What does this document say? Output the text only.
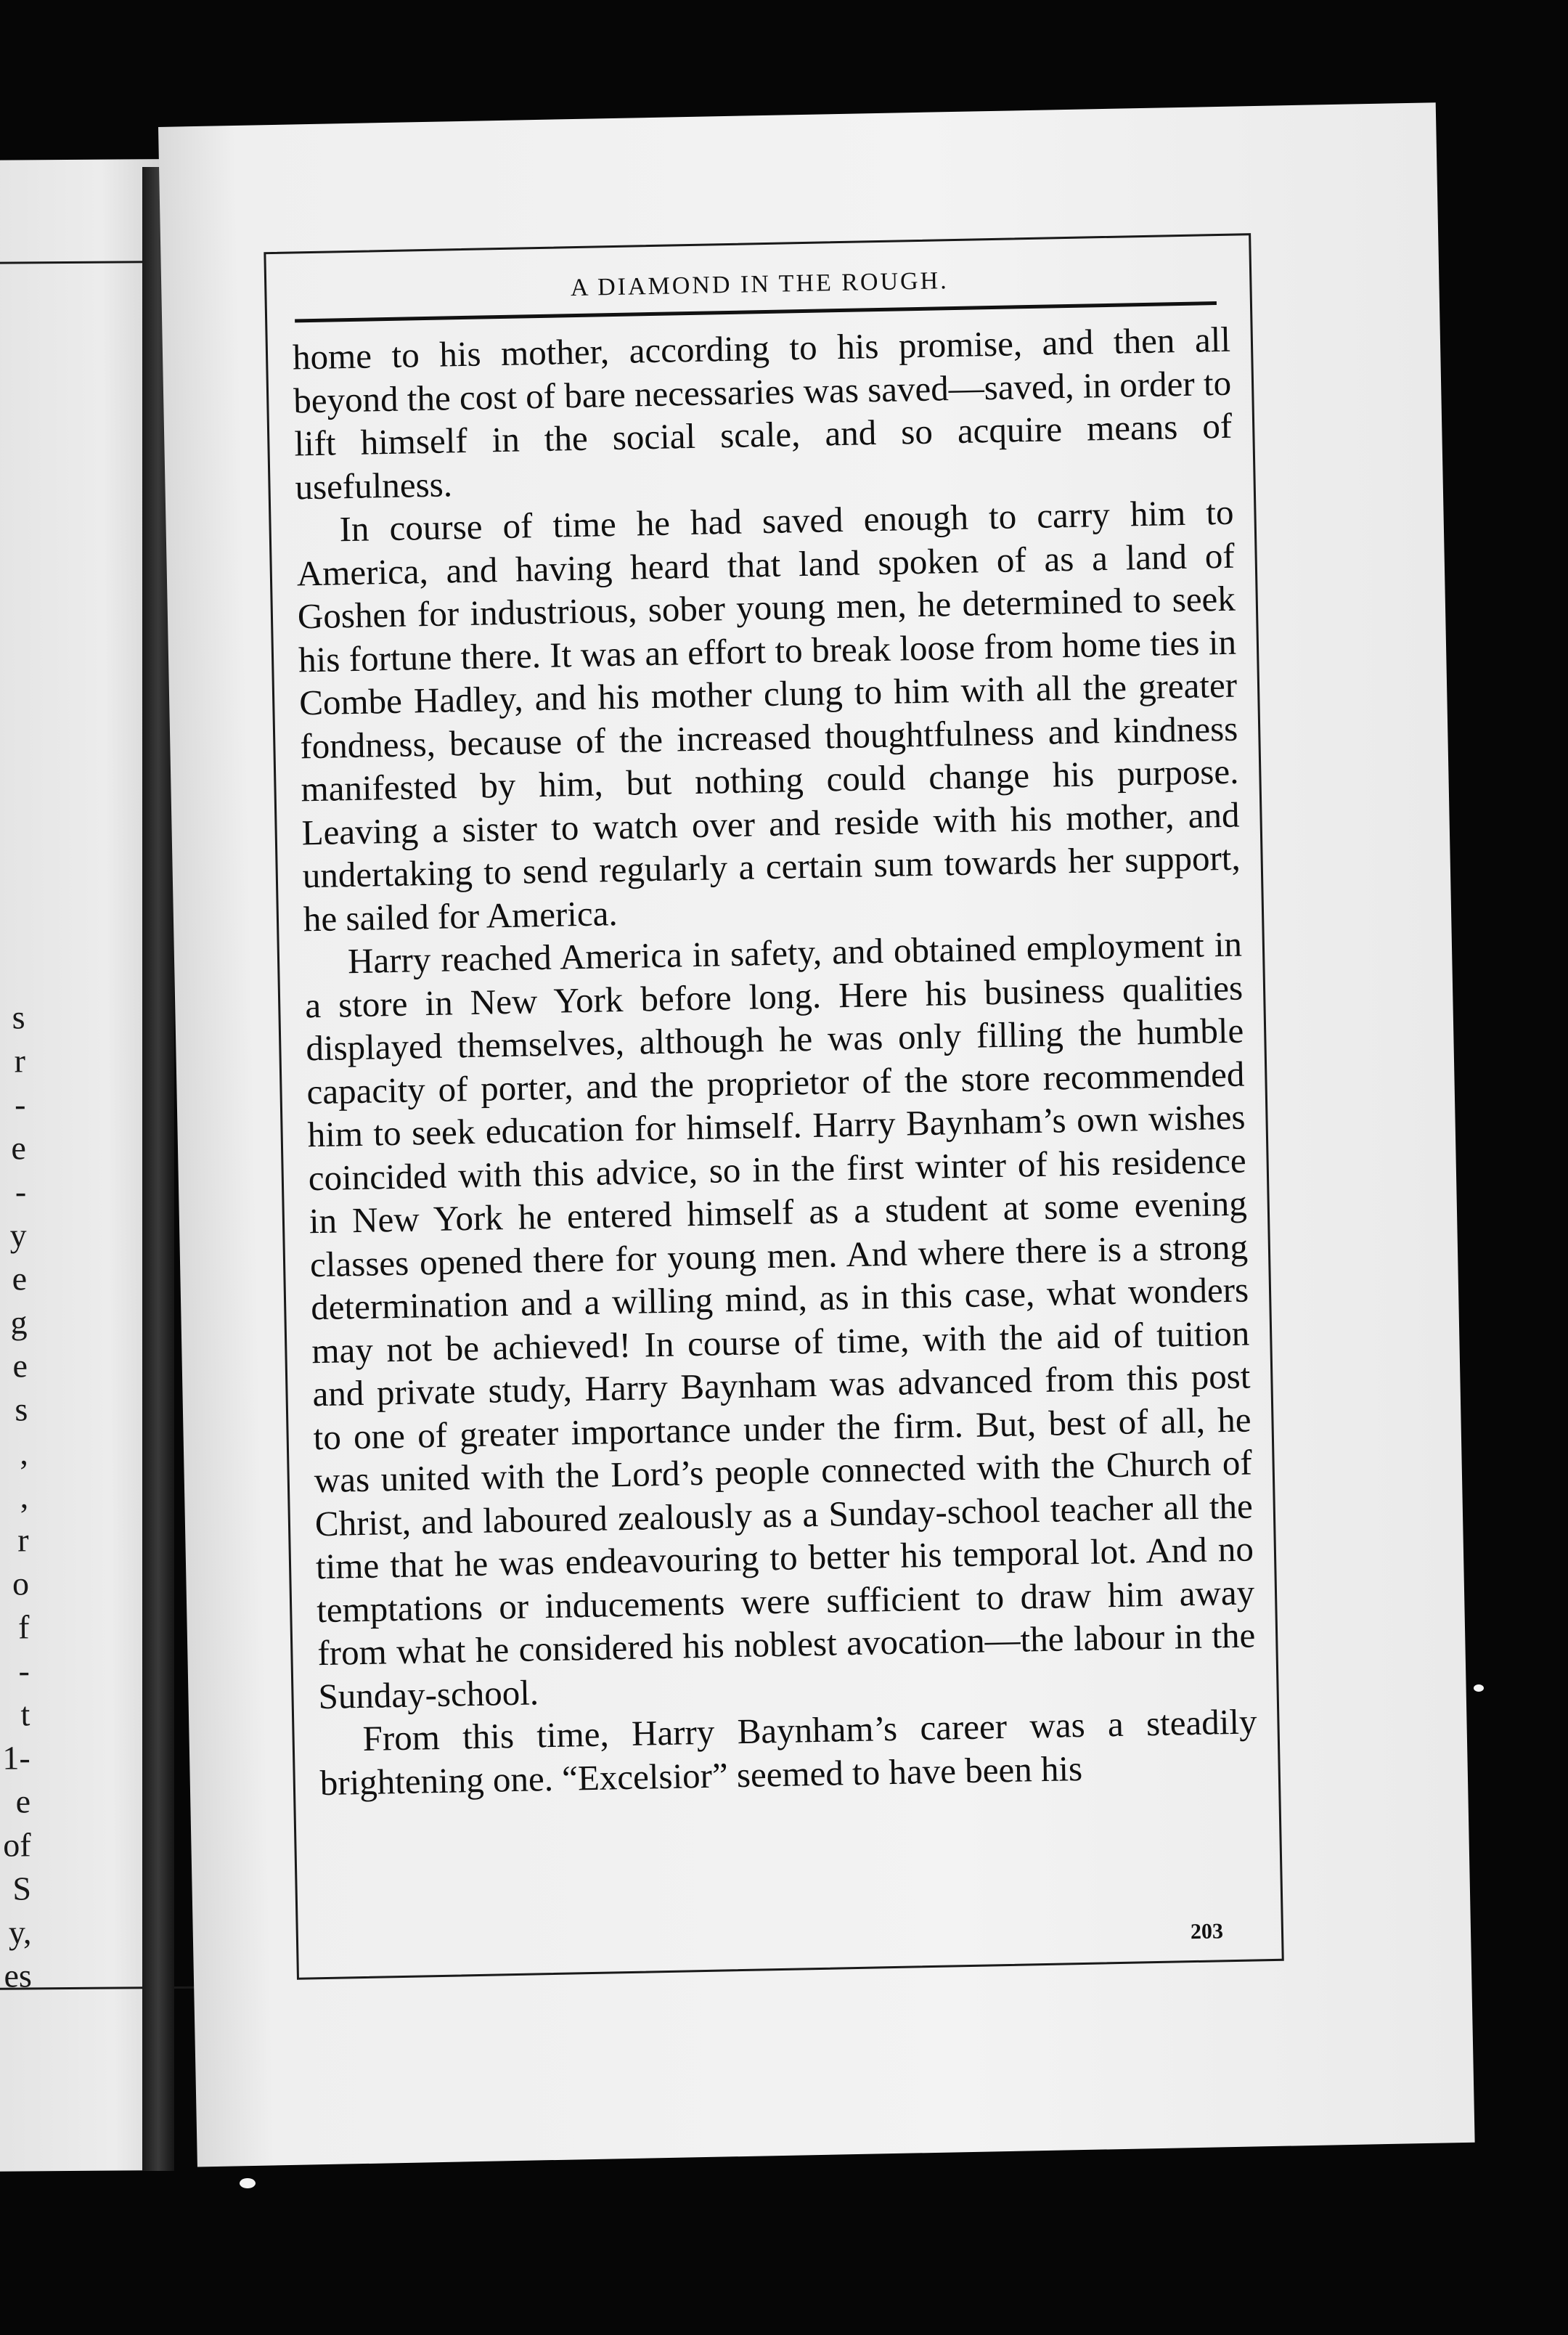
s
r
-
e
-
y
e
g
e
s
,
,
r
o
f
-
t
1-
e
of
S
y,
es
A DIAMOND IN THE ROUGH.

home to his mother, according to his promise, and then all beyond the cost of bare necessaries was saved—saved, in order to lift himself in the social scale, and so acquire means of usefulness.

In course of time he had saved enough to carry him to America, and having heard that land spoken of as a land of Goshen for industrious, sober young men, he determined to seek his fortune there. It was an effort to break loose from home ties in Combe Hadley, and his mother clung to him with all the greater fondness, because of the increased thoughtfulness and kindness manifested by him, but nothing could change his purpose. Leaving a sister to watch over and reside with his mother, and undertaking to send regularly a certain sum towards her support, he sailed for America.

Harry reached America in safety, and obtained employment in a store in New York before long. Here his business qualities displayed themselves, although he was only filling the humble capacity of porter, and the proprietor of the store recommended him to seek education for himself. Harry Baynham’s own wishes coincided with this advice, so in the first winter of his residence in New York he entered himself as a student at some evening classes opened there for young men. And where there is a strong determination and a willing mind, as in this case, what wonders may not be achieved! In course of time, with the aid of tuition and private study, Harry Baynham was advanced from this post to one of greater importance under the firm. But, best of all, he was united with the Lord’s people connected with the Church of Christ, and laboured zealously as a Sunday-school teacher all the time that he was endeavouring to better his temporal lot. And no temptations or inducements were sufficient to draw him away from what he considered his noblest avocation—the labour in the Sunday-school.

From this time, Harry Baynham’s career was a steadily brightening one. “Excelsior” seemed to have been his

203
